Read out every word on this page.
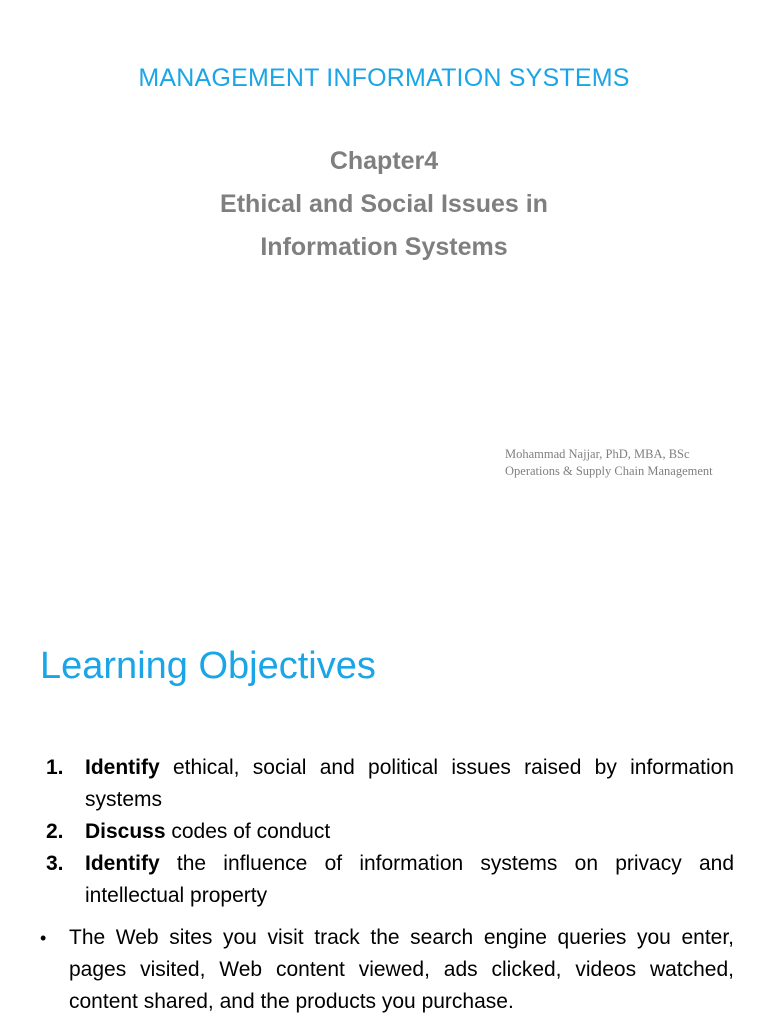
MANAGEMENT INFORMATION SYSTEMS
Chapter4
Ethical and Social Issues in
Information Systems
Mohammad Najjar, PhD, MBA, BSc
Operations & Supply Chain Management
Learning Objectives
1.	Identify ethical, social and political issues raised by information systems
2.	Discuss codes of conduct
3.	Identify the influence of information systems on privacy and intellectual property
•	The Web sites you visit track the search engine queries you enter, pages visited, Web content viewed, ads clicked, videos watched, content shared, and the products you purchase.
